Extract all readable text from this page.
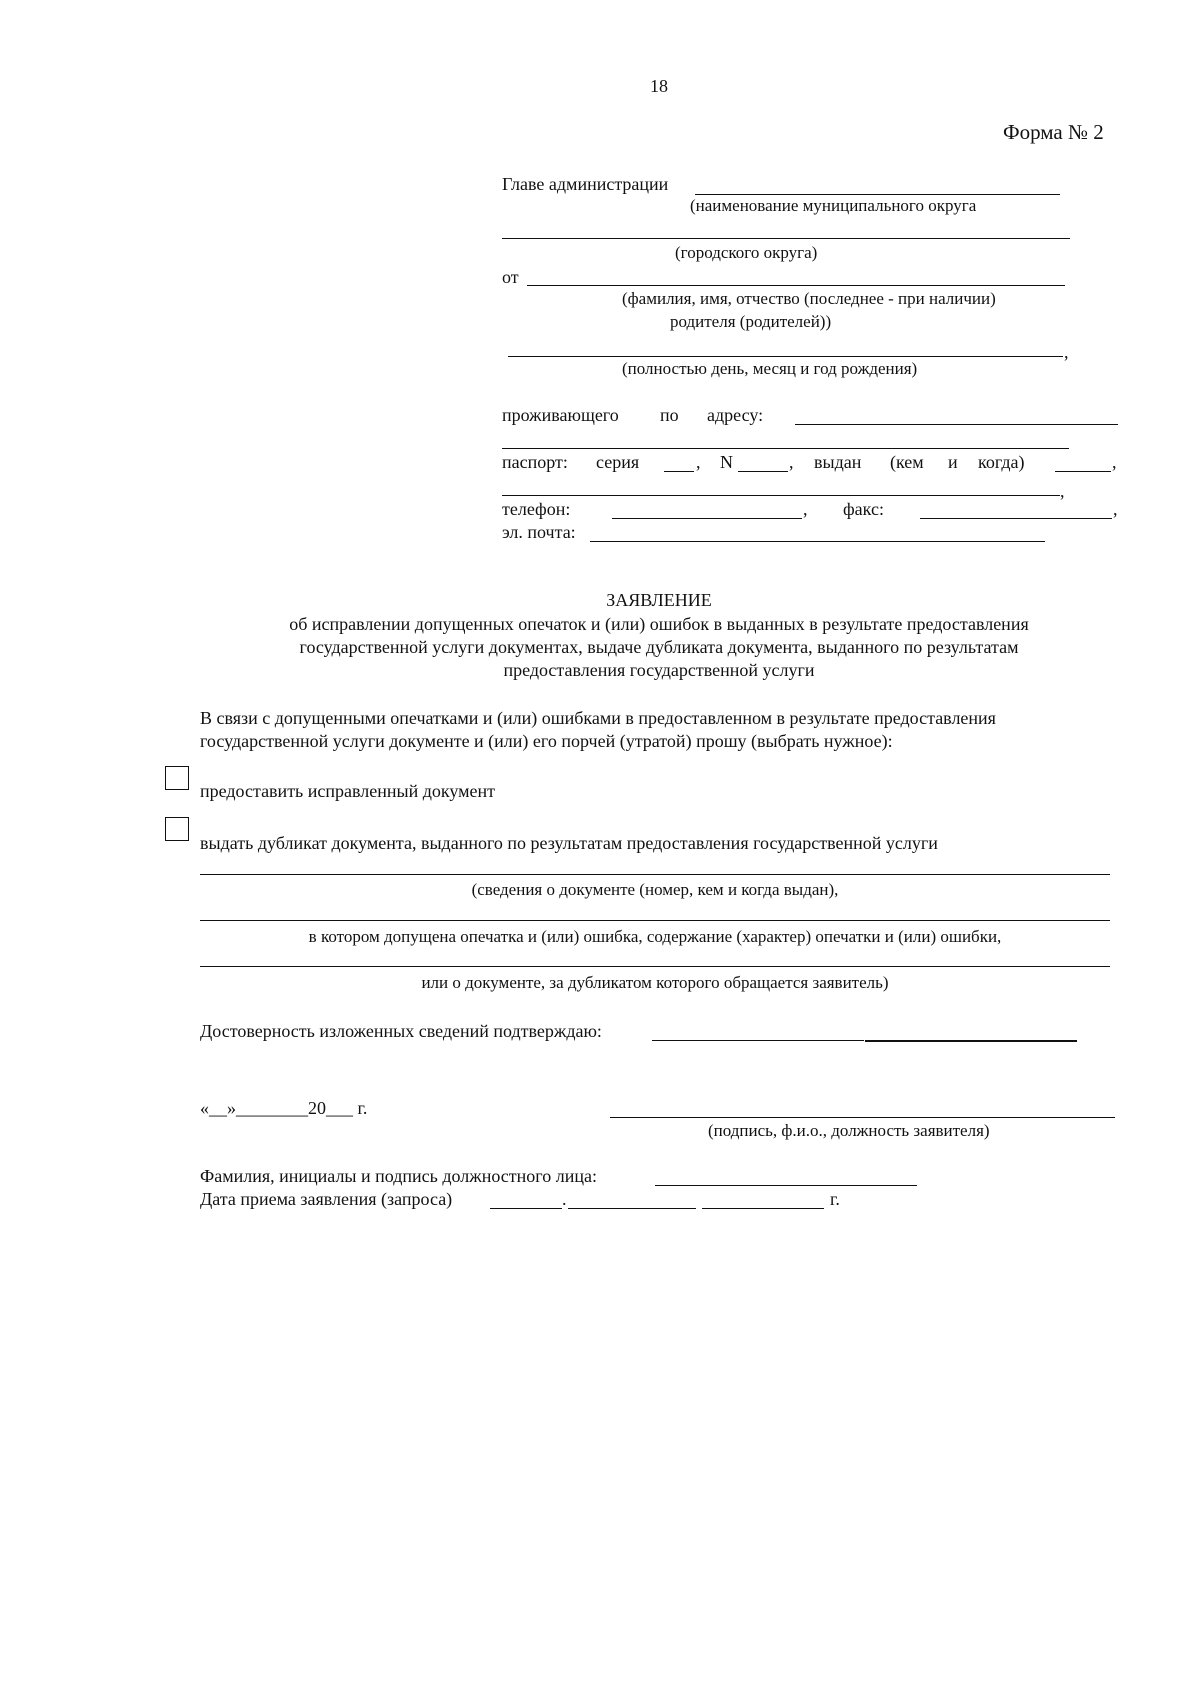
18
Форма № 2
Главе администрации
(наименование муниципального округа
(городского округа)
от
(фамилия, имя, отчество (последнее - при наличии)
родителя (родителей))
,
(полностью день, месяц и год рождения)
проживающего по адресу:
паспорт: серия	, N	, выдан (кем и когда)	,
,
телефон:	, факс:	,
эл. почта:
ЗАЯВЛЕНИЕ
об исправлении допущенных опечаток и (или) ошибок в выданных в результате предоставления
государственной услуги документах, выдаче дубликата документа, выданного по результатам
предоставления государственной услуги
В связи с допущенными опечатками и (или) ошибками в предоставленном в результате предоставления
государственной услуги документе и (или) его порчей (утратой) прошу (выбрать нужное):
предоставить исправленный документ
выдать дубликат документа, выданного по результатам предоставления государственной услуги
(сведения о документе (номер, кем и когда выдан),
в котором допущена опечатка и (или) ошибка, содержание (характер) опечатки и (или) ошибки,
или о документе, за дубликатом которого обращается заявитель)
Достоверность изложенных сведений подтверждаю:
«__»________20___ г.
(подпись, ф.и.о., должность заявителя)
Фамилия, инициалы и подпись должностного лица:
Дата приема заявления (запроса)	.	г.
